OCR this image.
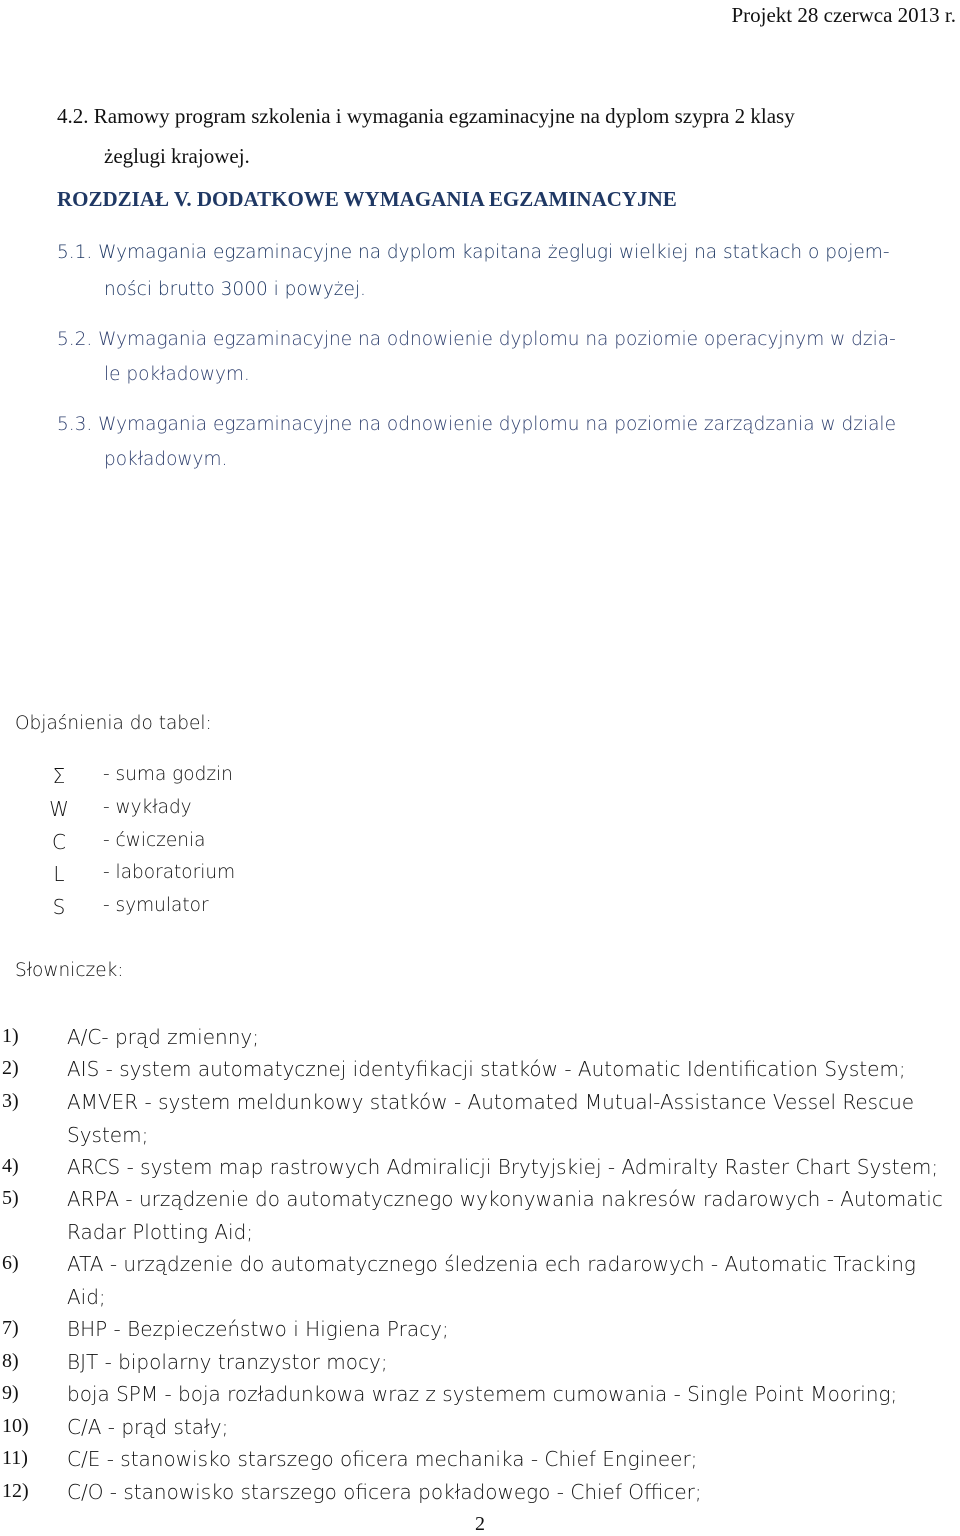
Projekt 28 czerwca 2013 r.
4.2. Ramowy program szkolenia i wymagania egzaminacyjne na dyplom szypra 2 klasy
żeglugi krajowej.
ROZDZIAŁ V. DODATKOWE WYMAGANIA EGZAMINACYJNE
5.1. Wymagania egzaminacyjne na dyplom kapitana żeglugi wielkiej na statkach o pojem-
ności brutto 3000 i powyżej.
5.2. Wymagania egzaminacyjne na odnowienie dyplomu na poziomie operacyjnym w dzia-
le pokładowym.
5.3. Wymagania egzaminacyjne na odnowienie dyplomu na poziomie zarządzania w dziale
pokładowym.
Objaśnienia do tabel:
Σ - suma godzin
W - wykłady
C - ćwiczenia
L - laboratorium
S - symulator
Słowniczek:
1) A/C- prąd zmienny;
2) AIS - system automatycznej identyfikacji statków - Automatic Identification System;
3) AMVER - system meldunkowy statków - Automated Mutual-Assistance Vessel Rescue
System;
4) ARCS - system map rastrowych Admiralicji Brytyjskiej - Admiralty Raster Chart System;
5) ARPA - urządzenie do automatycznego wykonywania nakresów radarowych - Automatic
Radar Plotting Aid;
6) ATA - urządzenie do automatycznego śledzenia ech radarowych - Automatic Tracking
Aid;
7) BHP - Bezpieczeństwo i Higiena Pracy;
8) BJT - bipolarny tranzystor mocy;
9) boja SPM - boja rozładunkowa wraz z systemem cumowania - Single Point Mooring;
10) C/A - prąd stały;
11) C/E - stanowisko starszego oficera mechanika - Chief Engineer;
12) C/O - stanowisko starszego oficera pokładowego - Chief Officer;
2
